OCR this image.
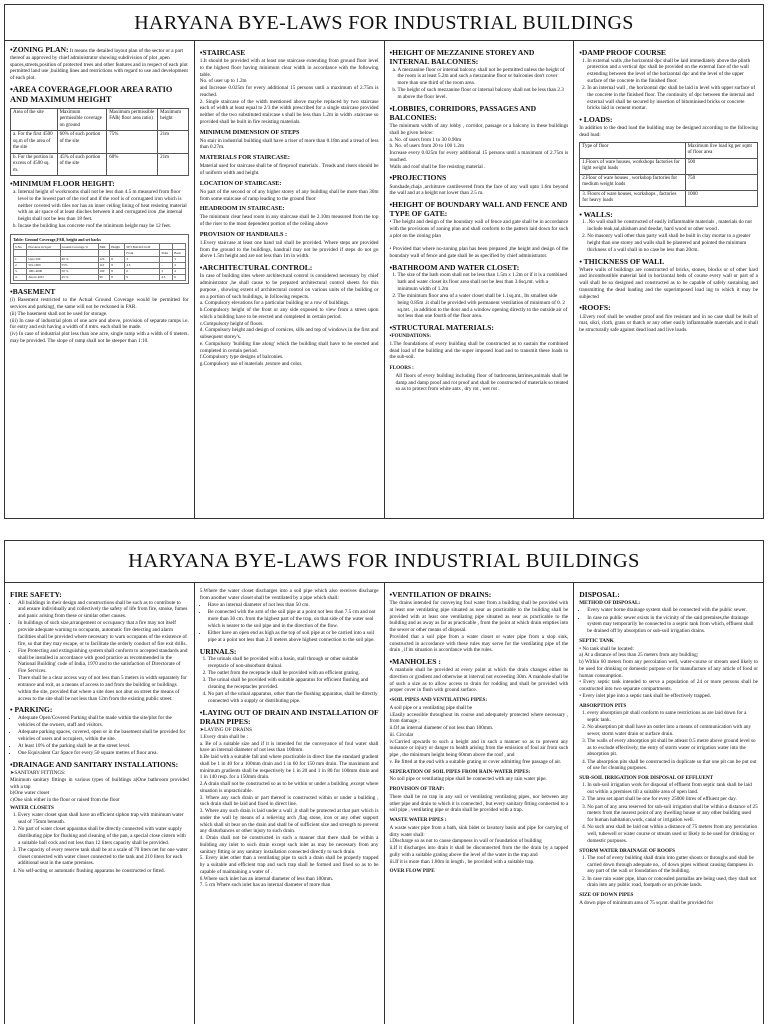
HARYANA BYE-LAWS FOR INDUSTRIAL BUILDINGS
•ZONING PLAN: It means the detailed layout plan of the sector or a part thereof as approved by chief administrator showing subdivision of plot ,open spaces,streets,position of protected trees and other features and in respect of each plot permitted land use ,building lines and restrictions with regard to use and development of each plot.
•AREA COVERAGE,FLOOR AREA RATIO AND MAXIMUM HEIGHT
Area of the site	Maximum permissible coverage on ground	Maximum permissible FAR( floor area ratio)	Maximum height
a. For the first 4500 sq.m of the area of the site	60% of such portion of the site	75%	21m
b. For the portion in excess of 4500 sq. m.	45% of such portion of the site	60%	21m
•MINIMUM FLOOR HEIGHT:
a. Internal height of workrooms shall not be less than 4.5 m measured from floor level to the lowest part of the roof and if the roof is of corrugated iron which is neither covered with tiles nor has an inner ceiling lining of heat resisting material with an air space of at least 4inches between it and corrugated iron ,the internal height shall not be less than 18 feet.
b. Incase the building has concrete roof the minimum height may be 12 feet.
Table: Ground Coverage,FAR, height and set backs
S.No.	Plot Area in Sq.m	Ground Coverage %	FAR	Height	SET BACKS in M		
					Front	Sides	Back
1.	Upto 500	60 %	120	8	3	-	3
2.	501-1000	55%	110	8	4.5	-	4
3.	1001-4000	50 %	100	8	6	3	4
4.	Above 4001	45 %	90	8	9	4.5	6
•BASEMENT
(i) Basement restricted to the Actual Ground Coverage would be permitted for services and parking(, the same will not be reckoned in FAR.
(ii) The basement shall not be used for storage.
(iii) In case of industrial plots of one acre and above, provision of separate ramps i.e. for entry and exit having a width of 4 mtrs. each shall be made.
(iv) In case of industrial plot less than one acre, single ramp with a width of 6 meters. may be provided. The slope of ramp shall not be steeper than 1:10.
•STAIRCASE
1.It should be provided with at least one staircase extending from ground floor level to the highest floor having minimum clear width in accordance with the following table.
No. of user up to 1.2m
and Increase 0.025m for every additional 15 persons until a maximum of 2.75m is reached.
2. Single staircase of the width mentioned above maybe replaced by two staircase each of width at least equal to 2/3 the width prescribed for a single staircase provided neither of the two substituted staircase s shall be less than 1.2m in width .staircase so provided shall be built in fire resisting materials.
MINIMUM DIMENSION OF STEPS
No stair in industrial building shall have a riser of more than 0.18m and a tread of less than 0.27m.
MATERIALS FOR STAIRCASE:
Material used for staircase shall be of fireproof materials . Treads and risers should be of uniform width and height.
LOCATION OF STAIRCASE:
No part of the second or of any higher storey of any building shall be more than 30m from some staircase of ramp leading to the ground floor
HEADROOM IN STAIRCASE:
The minimum clear head room in any staircase shall be 2.10m measured from the top of the riser to the most dependent portion of the ceiling above
PROVISION OF HANDRAILS :
1.Every staircase at least one hand rail shall be provided. Where steps are provided from the ground to the buildings, handrail may not be provided if steps do not go above 1.5m height and are not less than 1m in width.
•ARCHITECTURAL CONTROL:
In case of building sites where architectural control is considered necessary by chief administrator ,he shall cause to be prepared architectural control sheets for this purpose , showing extent of architectural control on various units of the building or on a portion of such buildings, in following respects.
a. Compulsory elevations for a particular building or a row of buildings.
b.Compulsory height of the front or any side exposed to view from a street upon which a building have to be erected and completed in certain period.
c.Compulsory height of floors.
d. Compulsory height and design of cornices, sills and top of windows in the first and subsequent storey's.
e. Compulsory 'building line along' which the building shall have to be erected and completed in certain period.
f.Compulsory type designs of balconies.
g.Compulsory use of materials ,texture and color.
•HEIGHT OF MEZZANINE STOREY AND INTERNAL BALCONIES:
a. A mezzanine floor or internal balcony shall not be permitted unless the height of the room is at least 5.2m and such a mezzanine floor or balconies don't cover more than one third of the room area.
b. The height of such mezzanine floor or internal balcony shall not be less than 2.3 m above the floor level.
•LOBBIES, CORRIDORS, PASSAGES AND BALCONIES:
The minimum width of any lobby , corridor, passage or a balcony in these buildings shall be given below:
a. No. of users from 1 to 30 0.90m
b. No. of users from 20 to 100 1.2m
Increase every 0.025m for every additional 15 persons until a maximum of 2.75m is reached.
Walls and roof shall be fire resisting material .
•PROJECTIONS
Sunshade,chaja ,architrave cantilevered from the face of any wall upto 1.6m beyond the wall and at a height not lower than 2.5 m.
•HEIGHT OF BOUNDARY WALL AND FENCE AND TYPE OF GATE:
• The height and design of the boundary wall of fence and gate shall be in accordance with the provisions of zoning plan and shall conform to the pattern laid down for such a plot on the zoning plan

• Provided that where no-zoning plan has been prepared ,the height and design of the boundary wall of fence and gate shall be as specified by chief administrator.
•BATHROOM AND WATER CLOSET:
1. The size of the bath room shall not be less than 1.5m x 1.2m or if it is a combined bath and water closet its floor area shall not be less than 3.6sq.mt. with a minimum width of 1.2m
2. The minimum floor area of a water closet shall be 1.1sq.mt., Its smallest side being 0.85m .it shall be provided with permanent ventilation of minimum of 0. 2 sq.mt. , in addition to the door and a window opening directly to the outside air of not less than one fourth of the floor area.
•STRUCTURAL MATERIALS:
•FOUNDATIONS:
1.The foundations of every building shall be constructed as to sustain the combined dead load of the building and the super imposed load and to transmit these loads to the sub-soil.
FLOORS :
All floors of every building including floor of bathrooms,latrines,animals shall be damp and damp proof and rot proof and shall be constructed of materials so treated so as to protect from white ants , dry rot , wet rot .
•DAMP PROOF COURSE
1. In external walls ,the horizontal dpc shall be laid immediately above the plinth protection and a vertical dpc shall be provided on the external face of the wall extending between the level of the horizontal dpc and the level of the upper surface of the concrete in the finished floor.
2. In an internal wall , the horizontal dpc shall be laid in level with upper surface of the concrete in the finished floor. The continuity of dpc between the internal and external wall shall be secured by insertion of bituminised bricks or concrete bricks laid in cement mortar.
• LOADS:
In addition to the dead load the building may be designed according to the following dead load:
Type of floor	Maximum live load kg per sqmt of floor area
1.Floors of ware houses, workshops factories for light weight loads	500
2.Floor of ware houses , workshop factories for medium weight loads	750
3. Floors of ware houses, workshops , factories for heavy loads	1000
• WALLS:
1. .No wall shall be constructed of easily inflammable materials , materials do not include teak,sal,shisham and deodar, hard wood or other wood .
2. No masonry wall other than party wall shall be built in clay mortar to a greater height than one storey and walls shall be plastered and pointed the minimum thickness of a wall shall in no case be less than 20cm.
• THICKNESS OF WALL
Where walls of buildings are constructed of bricks, stones, blocks or of other hard and incombustible material laid in horizontal beds of course every wall or part of a wall shall be so designed and constructed as to be capable of safely sustaining and transmitting the dead loading and the superimposed load ing to which it may be subjected
•ROOFS:
1.Every roof shall be weather proof and fire resistant and in no case shall be built of mat, sikri, cloth, grass or thatch or any other easily inflammable materials and it shall be structurally safe against dead load and live loads.
HARYANA BYE-LAWS FOR INDUSTRIAL BUILDINGS
FIRE SAFETY:
• All buildings in their design and constructions shall be such as to contribute to and ensure individually and collectively the safety of life from fire, smoke, fumes and panic arising from these or similar other causes.
• In buildings of such size,arrangement or occupancy that a fire may not itself provide adequate warning to occupants, automatic fire detecting and alarm facilities shall be provided where necessary to warn occupants of the existence of fire, so that they may escape, or to facilitate the orderly conduct of fire exit drills.
• Fire Protecting and extinguishing system shall conform to accepted standards and shall be installed in accordance with good practice as recommended in the National Building' code of India, 1970 and to the satisfaction of Directorate of Fire Services.
• There shall be a clear access way of not less than 5 meters in width separately for entrance and exit, as a means of access to and from the building or buildings within the site, provided that where a site does not abut on street the means of access to the site shall be not less than 12m from the existing public street.
• PARKING:
• Adequate Open/Covered Parking shall be made within the site/plot for the vehicles of the owners, staff and visitors.
• Adequate parking spaces, covered, open or in the basement shall be provided for vehicles of users and occupiers, within the site.
• At least 10% of the parking shall be at the street level.
• One Equivalent Car Space for every 50 square metres of floor area.
•DRAINAGE AND SANITARY INSTALLATIONS:
➤SANITARY FITTINGS:
Minimum sanitary fittings in various types of buildings a)One bathroom provided with a tap
b)One water closet
c)One sink either in the floor or raised from the floor
WATER CLOSETS
1. Every water closet span shall have an efficient siphon trap with minimum water seal of 75mm beneath.
2. No part of water closet apparatus shall be directly connected with water supply distributing pipe for flushing and cleaning of the pan, a special close cistern with a suitable ball cock and not less than 12 liters capacity shall be provided.
3. The capacity of every reserve tank shall be at a scale of 70 liters net for one water closet connected with water closet connected to the tank and 210 liters for each additional seat in the same premises.
4. No self-acting or automatic flushing apparatus be constructed or fitted.
5.Where the water closet discharges into a soil pipe which also receives discharge from another water closet shall be ventilated by a pipe which shall:
• Have an internal diameter of not less than 50 cm.
• Be connected with the arm of the soil pipe at a point not less than 7.5 cm and not more than 30 cm. from the highest part of the trap, on that side of the water seal which is nearer to the soil pipe and in the direction of the flow.
• Either have an open end as high as the top of soil pipe at or be carried into a soil pipe at a point not less than 2.0 meters above highest connection to the soil pipe.
URINALS:
1. The urinals shall be provided with a basin, stall through or other suitable receptacle of non-absorbant drainal.
2. The outlet from the receptacle shall be provided with an efficient grating.
3. The urinal shall be provided with suitable apparatus for efficient flushing and cleaning the receptacles provided.
4. No part of the urinal apparatus, other than the flushing apparatus, shall be directly connected with a supply or distributing pipe.
•LAYING OUT OF DRAIN AND INSTALLATION OF DRAIN PIPES:
➤LAYING OF DRAINS
1.Every drain shall be :
a. Be of a suitable size and if it is intended for the conveyance of foul water shall have an internal diameter of not less than 100mm.
b.Be laid with a suitable fall and where practicable in direct line the standard gradient shall be 1 in 40 for a 100mm drain and 1 in 60 for 150 mm drain. The maximum and minimum gradients shall be respectively be 1 in 20 and 1 in 80 for 100mm drain and 1 in 140 resp. for a 150mm drain.
2.A drain shall not be constructed so as to be within or under a building ,except where situation is unpracticable.
3. Where any such drain or part thereof is constructed within or under a building , such drain shall be laid and fixed in direct line.
3. Where any such drain is laid under a wall ,it shall be protected at that part which is under the wall by means of a relieving arch ,flag stone, iron or any other support which shall sit bear on the drain and shall be of sufficient size and strength to prevent any disturbances or other injury to such drain.
4. Drain shall not be constructed in such a manner that there shall be within a building any inlet to such drain except such inlet as may be necessary from any sanitary fitting or any sanitary installation connected directly to such drain.
5. Every inlet other than a ventilating pipe to such a drain shall be properly trapped by a suitable and efficient trap and such trap shall be formed and fixed so as to be capable of maintaining a water of .
6.Where such inlet has an internal diameter of less than 100mm.
7. 5 cm Where such inlet has an internal diameter of more than
•VENTILATION OF DRAINS:
The drains intended for conveying foul water from a building shall be provided with at least one ventilating pipe situated as near as practicable to the building shall be provided with at least one ventilating pipe situated as near as practicable to the building and as away as far as practicable , from the point at which drain empties into the sewer or other means of disposal.
Provided that a soil pipe from a water closet or water pipe from a slop sink, constructed in accordance with these rules may serve for the ventilating pipe of the drain , if its situation is accordance with the rules.
•MANHOLES :
A manhole shall be provided at every point at which the drain changes either its direction or gradient and otherwise at interval not exceeding 30m. A manhole shall be of such a size as to allow access to drain for rodding and shall be provided with proper cover in flush with ground surface.
•SOIL PIPES AND VENTILATING PIPES:
A soil pipe or a ventilating pipe shall be
i.Easily accessible throughout its course and adequately protected where necessary , from damage ;
ii.Of an internal diameter of not less than 100mm.
iii. Circular
iv.Carried upwards to such a height and in such a manner so as to prevent any nuisance or injury or danger to health arising from the emission of foul air from such pipe , the minimum height being 60mm above the roof , and
v. Be fitted at the end with a suitable grating or cover admitting free passage of air.
SEPERATION OF SOIL PIPES FROM RAIN-WATER PIPES:
No soil pipe or ventilating pipe shall be connected with any rain water pipe.
PROVISION OF TRAP:
There shall be no trap in any soil or ventilating ventilating pipes, nor between any other pipe and drain to which it is connected , but every sanitary fitting connected to a soil pipe , ventilating pipe or drain shall be provided with a trap.
WASTE WATER PIPES :
A waste water pipe from a bath, sink bidet or lavatory basin and pipe for carrying of dirty water shall:
i.Discharge so as not to cause dampness in wall or foundation of building
ii.If it discharges into drain it shall be disconnected from the the drain by a tapped gully with a suitable grating above the level of the water in the trap and
iii.If it is more than 1.80m in length , be provided with a suitable trap.
OVER FLOW PIPE
DISPOSAL:
METHOD OF DISPOSAL:
• Every water borne drainage system shall be connected with the public sewer.
• In case no public sewer exists in the vicinity of the said premises,the drainage system may temporarily be connected to a septic tank from which, effluent shall be drained off by absorption or sub-soil irrigation drains.
SEPTIC TANK
• No tank shall be located:
a) At a distance of less than 25 meters from any building;
b) Within 60 meters from any percolation well, water-course or stream used likely to be used for drinking or domestic purpose or for manufacture of any article of food or human consumption.
• Every septic tank intended to serve a population of 24 or more persons shall be constructed into two separate compartments.
• Every inlet pipe into a septic tank shall be effectively trapped.
ABSORPTION PITS
1. every absorption pit shall conform to same restrictions as are laid down for a septic tank.
2. No absorption pit shall have an outlet into a means of communication with any sewer, storm water drain or surface drain.
3. The walls of every absorption pit shall be atleast 0.5 metre above ground level so as to exclude effectively, the entry of storm water or irrigation water into the absorption pit.
4. The absorption pits shall be constructed in duplicate so that one pit can be put out of use for cleaning purposes.
SUB-SOIL IRRIGATION FOR DISPOSAL OF EFFLUENT
1. In sub-soil irrigation work for disposal of effluent from septic tank shall be laid out within a premises till a suitable area of open land.
2. The area set apart shall be one for every 25000 litres of effluent per day.
3. No part of any area reserved for sub-soil irrigation shall be within a distance of 25 meters from the nearest point of any dwelling house or any other building used for human habitation,work, canal or irrigation well.
4. No such area shall be laid out within a distance of 75 meters from any percolation well, tubewell or water course or stream used or likely to be used for drinking or domestic purposes.
STORM WATER DRAINAGE OF ROOFS
1. The roof of every building shall drain into gutter shoots or throughs and shall be carried down through adequate no,. of down pipes without causing dampness in any part of the wall or foundation of the building.
2. In case rain water pipe, khan or concealed parnallas are being used, they shall not drain into any public road, footpath or on private lands.
SIZE OF DOWN PIPES
A down pipe of minimum area of 75 sq.mt. shall be provided for
